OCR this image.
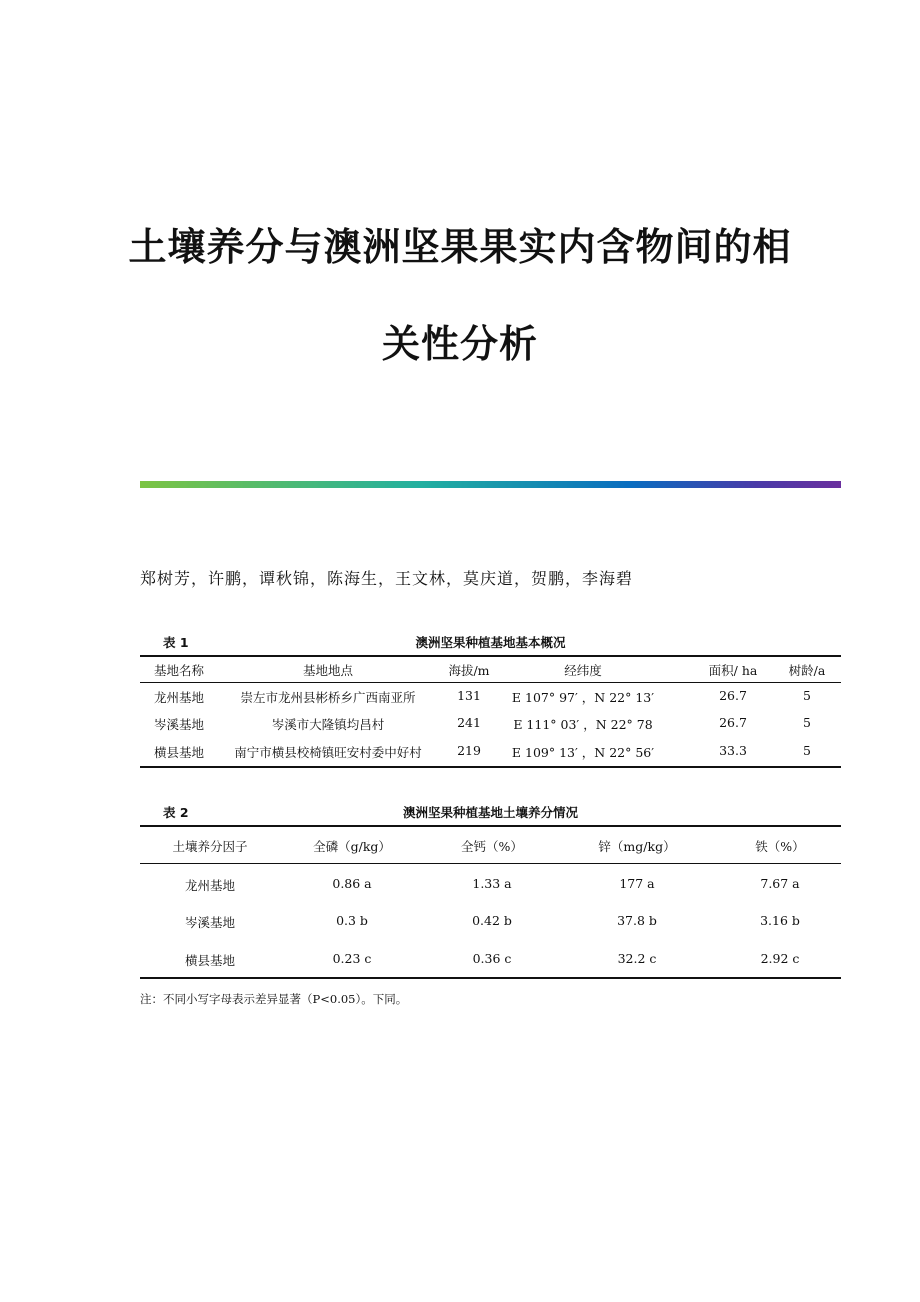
土壤养分与澳洲坚果果实内含物间的相
关性分析
郑树芳，许鹏，谭秋锦，陈海生，王文林，莫庆道，贺鹏，李海碧
表 1	澳洲坚果种植基地基本概况
基地名称	基地地点	海拔/m	经纬度	面积/ ha	树龄/a
龙州基地	崇左市龙州县彬桥乡广西南亚所	131 E 107° 97′ ，N 22° 13′	26.7	5
岑溪基地	岑溪市大隆镇均昌村	241	E 111° 03′ ，N 22° 78	26.7	5
横县基地 南宁市横县校椅镇旺安村委中好村	219 E 109° 13′ ，N 22° 56′	33.3	5
表 2	澳洲坚果种植基地土壤养分情况
土壤养分因子	全磷（g/kg）	全钙（%）	锌（mg/kg）	铁（%）
龙州基地	0.86 a	1.33 a	177 a	7.67 a
岑溪基地	0.3 b	0.42 b	37.8 b	3.16 b
横县基地	0.23 c	0.36 c	32.2 c	2.92 c
注：不同小写字母表示差异显著（P<0.05）。下同。
